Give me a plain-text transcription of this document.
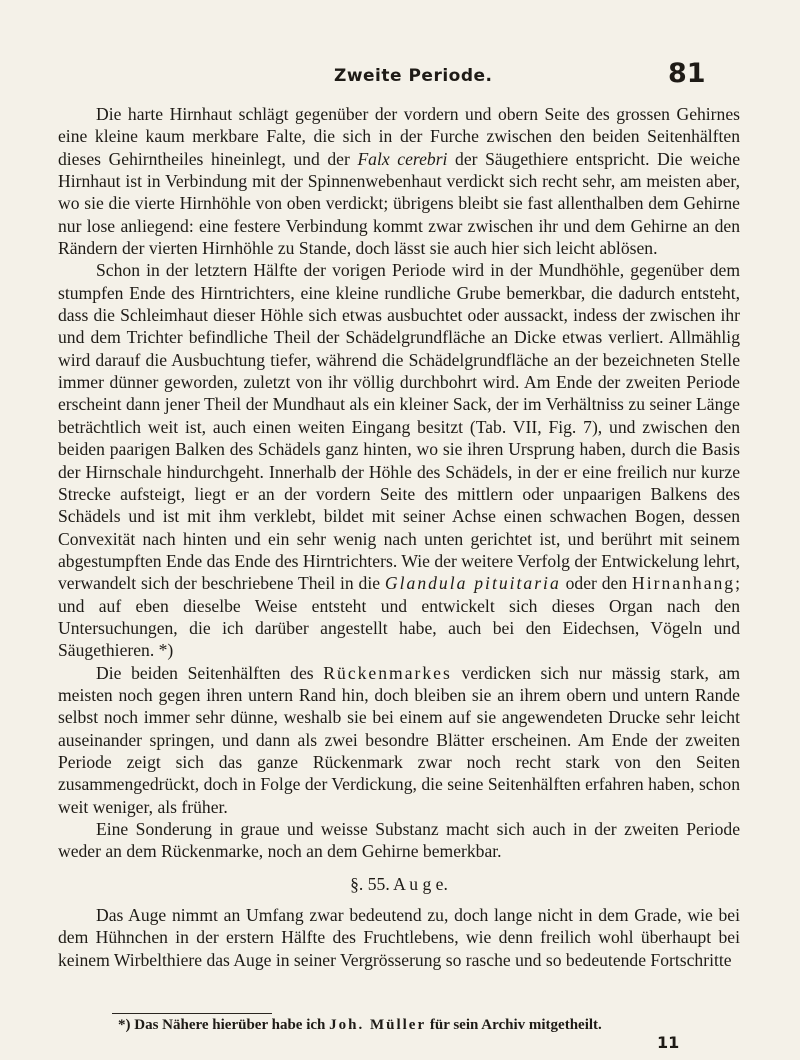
Zweite Periode.	81

Die harte Hirnhaut schlägt gegenüber der vordern und obern Seite des grossen Gehirnes eine kleine kaum merkbare Falte, die sich in der Furche zwischen den beiden Seitenhälften dieses Gehirntheiles hineinlegt, und der Falx cerebri der Säugethiere entspricht. Die weiche Hirnhaut ist in Verbindung mit der Spinnenwebenhaut verdickt sich recht sehr, am meisten aber, wo sie die vierte Hirnhöhle von oben verdickt; übrigens bleibt sie fast allenthalben dem Gehirne nur lose anliegend: eine festere Verbindung kommt zwar zwischen ihr und dem Gehirne an den Rändern der vierten Hirnhöhle zu Stande, doch lässt sie auch hier sich leicht ablösen.

Schon in der letztern Hälfte der vorigen Periode wird in der Mundhöhle, gegenüber dem stumpfen Ende des Hirntrichters, eine kleine rundliche Grube bemerkbar, die dadurch entsteht, dass die Schleimhaut dieser Höhle sich etwas ausbuchtet oder aussackt, indess der zwischen ihr und dem Trichter befindliche Theil der Schädelgrundfläche an Dicke etwas verliert. Allmählig wird darauf die Ausbuchtung tiefer, während die Schädelgrundfläche an der bezeichneten Stelle immer dünner geworden, zuletzt von ihr völlig durchbohrt wird. Am Ende der zweiten Periode erscheint dann jener Theil der Mundhaut als ein kleiner Sack, der im Verhältniss zu seiner Länge beträchtlich weit ist, auch einen weiten Eingang besitzt (Tab. VII, Fig. 7), und zwischen den beiden paarigen Balken des Schädels ganz hinten, wo sie ihren Ursprung haben, durch die Basis der Hirnschale hindurchgeht. Innerhalb der Höhle des Schädels, in der er eine freilich nur kurze Strecke aufsteigt, liegt er an der vordern Seite des mittlern oder unpaarigen Balkens des Schädels und ist mit ihm verklebt, bildet mit seiner Achse einen schwachen Bogen, dessen Convexität nach hinten und ein sehr wenig nach unten gerichtet ist, und berührt mit seinem abgestumpften Ende das Ende des Hirntrichters. Wie der weitere Verfolg der Entwickelung lehrt, verwandelt sich der beschriebene Theil in die Glandula pituitaria oder den Hirnanhang; und auf eben dieselbe Weise entsteht und entwickelt sich dieses Organ nach den Untersuchungen, die ich darüber angestellt habe, auch bei den Eidechsen, Vögeln und Säugethieren. *)

Die beiden Seitenhälften des Rückenmarkes verdicken sich nur mässig stark, am meisten noch gegen ihren untern Rand hin, doch bleiben sie an ihrem obern und untern Rande selbst noch immer sehr dünne, weshalb sie bei einem auf sie angewendeten Drucke sehr leicht auseinander springen, und dann als zwei besondre Blätter erscheinen. Am Ende der zweiten Periode zeigt sich das ganze Rückenmark zwar noch recht stark von den Seiten zusammengedrückt, doch in Folge der Verdickung, die seine Seitenhälften erfahren haben, schon weit weniger, als früher.

Eine Sonderung in graue und weisse Substanz macht sich auch in der zweiten Periode weder an dem Rückenmarke, noch an dem Gehirne bemerkbar.

§. 55. A u g e.

Das Auge nimmt an Umfang zwar bedeutend zu, doch lange nicht in dem Grade, wie bei dem Hühnchen in der erstern Hälfte des Fruchtlebens, wie denn freilich wohl überhaupt bei keinem Wirbelthiere das Auge in seiner Vergrösserung so rasche und so bedeutende Fortschritte

*) Das Nähere hierüber habe ich Joh. Müller für sein Archiv mitgetheilt.
11
